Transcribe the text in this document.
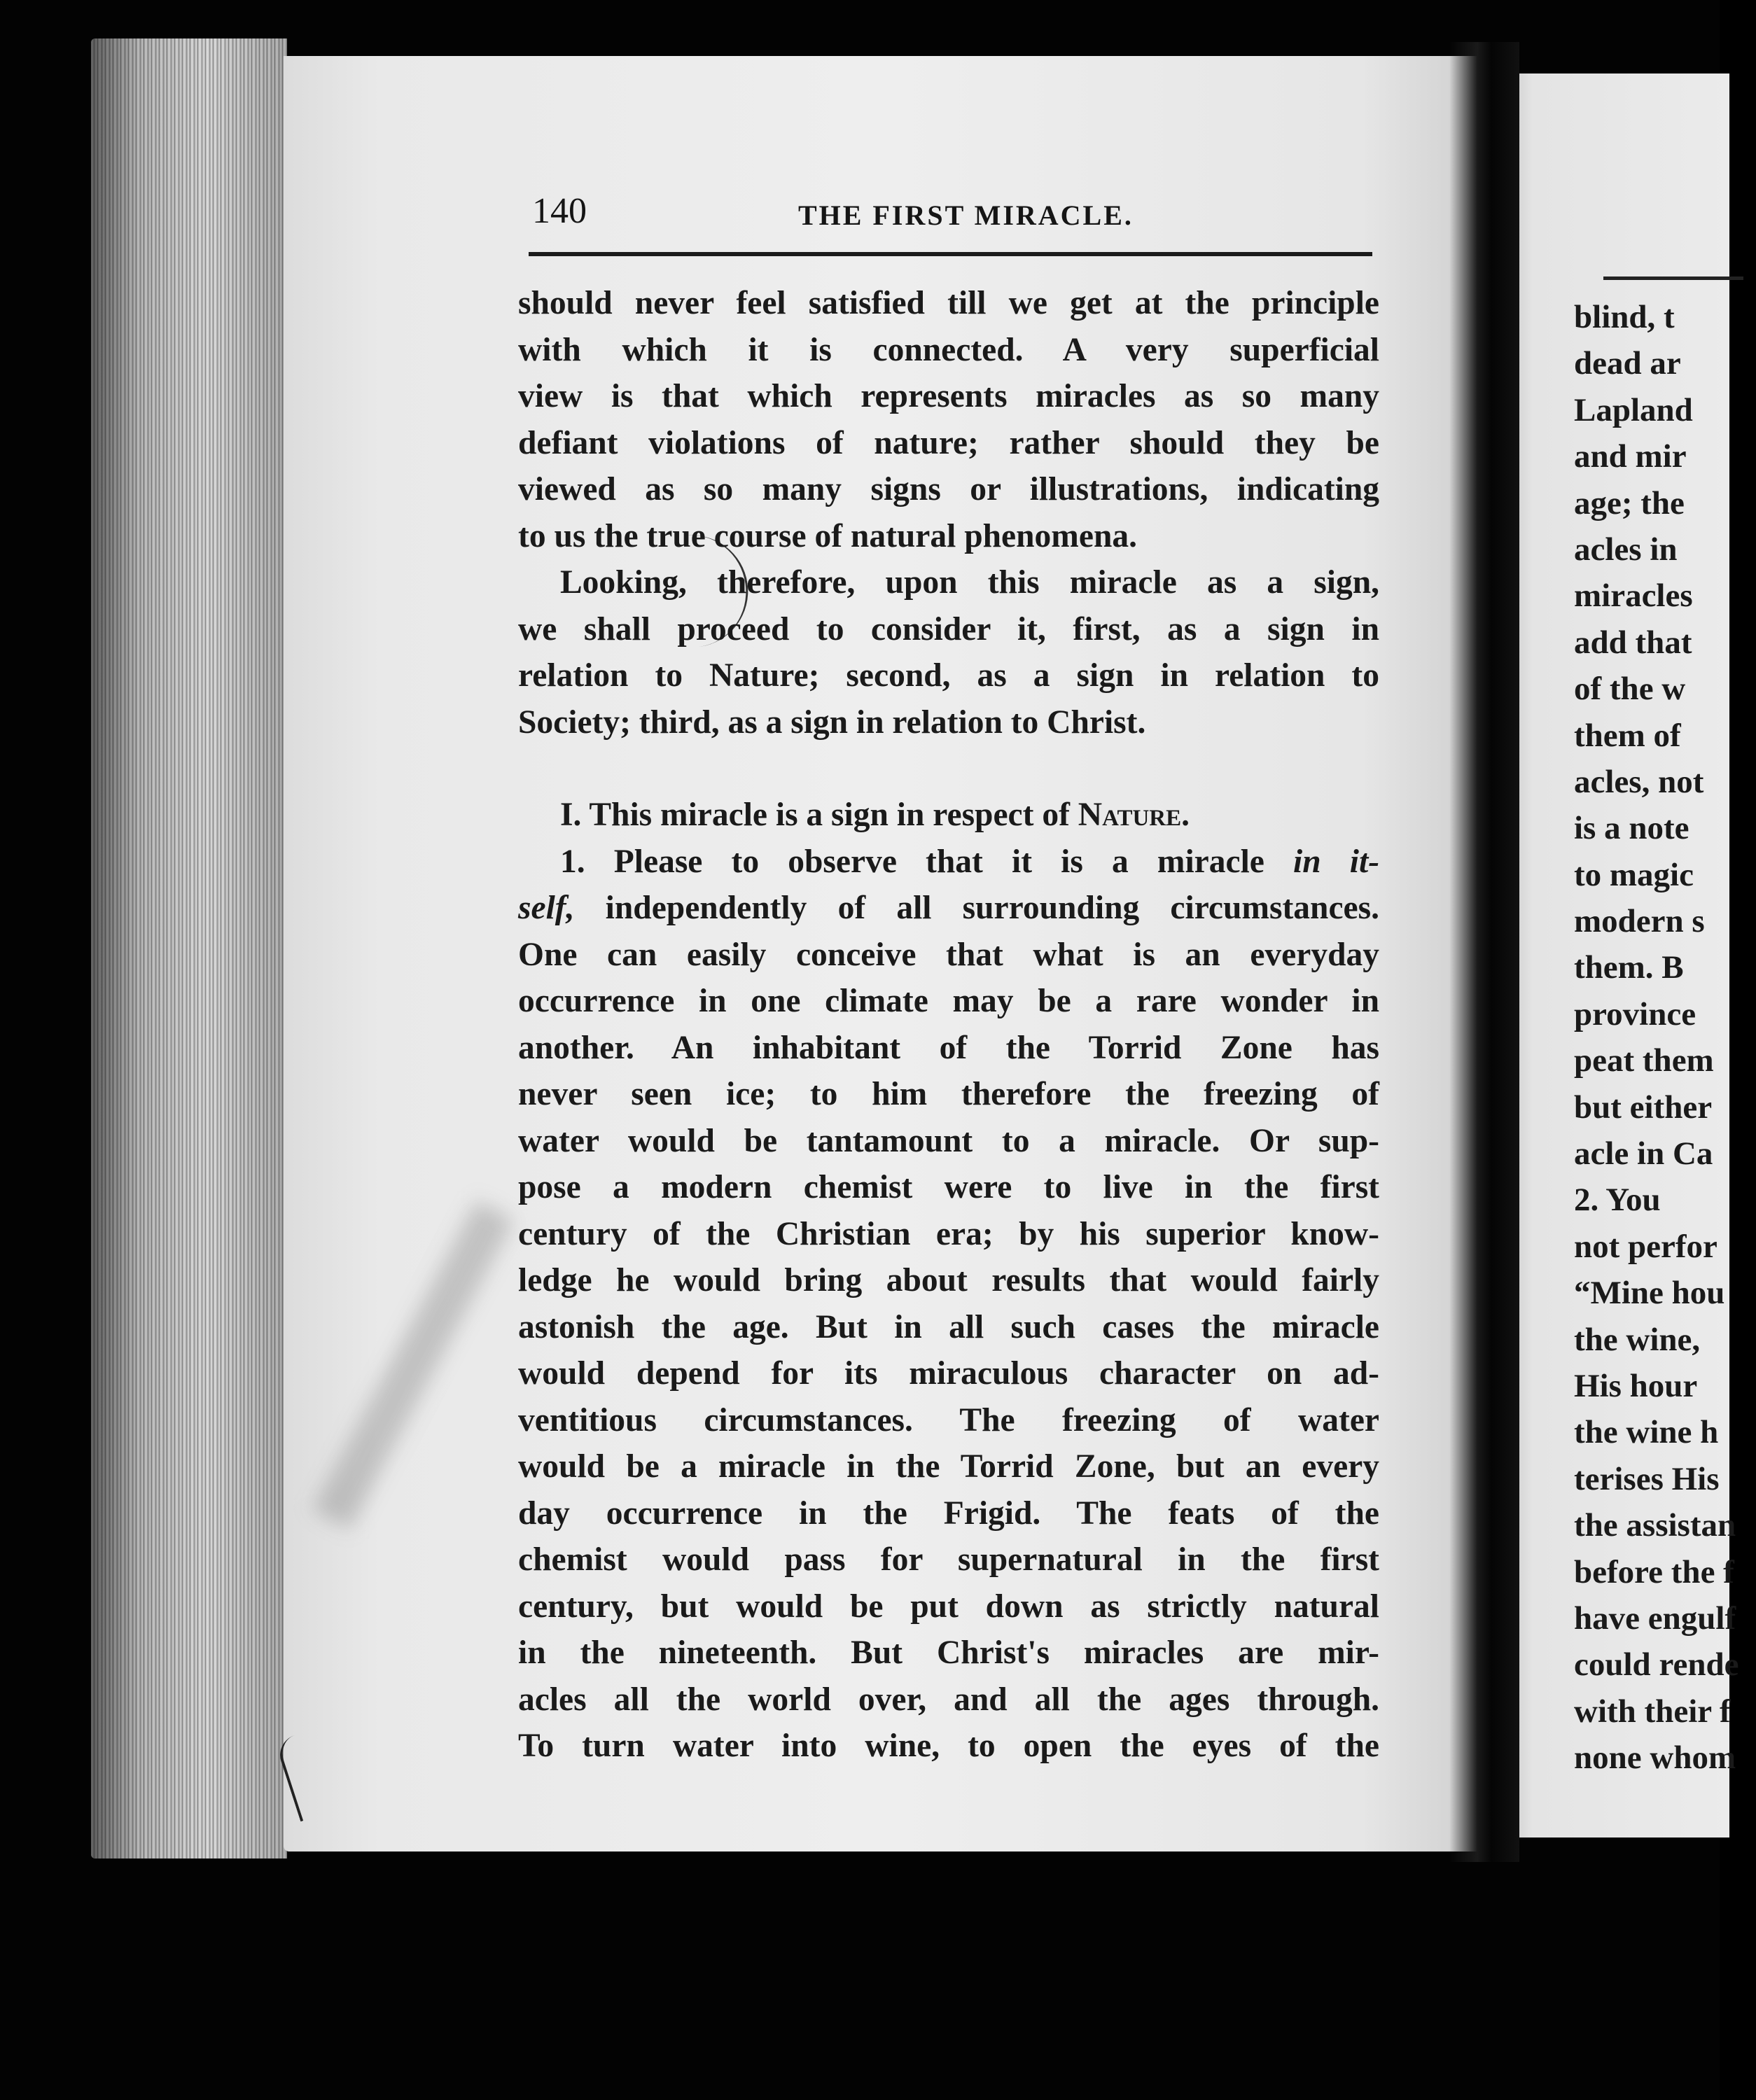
140	THE FIRST MIRACLE.
should never feel satisfied till we get at the principle
with which it is connected. A very superficial
view is that which represents miracles as so many
defiant violations of nature; rather should they be
viewed as so many signs or illustrations, indicating
to us the true course of natural phenomena.
Looking, therefore, upon this miracle as a sign,
we shall proceed to consider it, first, as a sign in
relation to Nature; second, as a sign in relation to
Society; third, as a sign in relation to Christ.
I. This miracle is a sign in respect of Nature.
1. Please to observe that it is a miracle in it-
self, independently of all surrounding circumstances.
One can easily conceive that what is an everyday
occurrence in one climate may be a rare wonder in
another. An inhabitant of the Torrid Zone has
never seen ice; to him therefore the freezing of
water would be tantamount to a miracle. Or sup-
pose a modern chemist were to live in the first
century of the Christian era; by his superior know-
ledge he would bring about results that would fairly
astonish the age. But in all such cases the miracle
would depend for its miraculous character on ad-
ventitious circumstances. The freezing of water
would be a miracle in the Torrid Zone, but an every
day occurrence in the Frigid. The feats of the
chemist would pass for supernatural in the first
century, but would be put down as strictly natural
in the nineteenth. But Christ's miracles are mir-
acles all the world over, and all the ages through.
To turn water into wine, to open the eyes of the
blind, t
dead ar
Lapland
and mir
age; the
acles in
miracles
add that
of the w
them of
acles, not
is a note
to magic
modern s
them. B
province
peat them
but either
acle in Ca
2. You
not perfor
“Mine hou
the wine,
His hour
the wine h
terises His
the assistan
before the f
have engulf
could rende
with their f
none whom
